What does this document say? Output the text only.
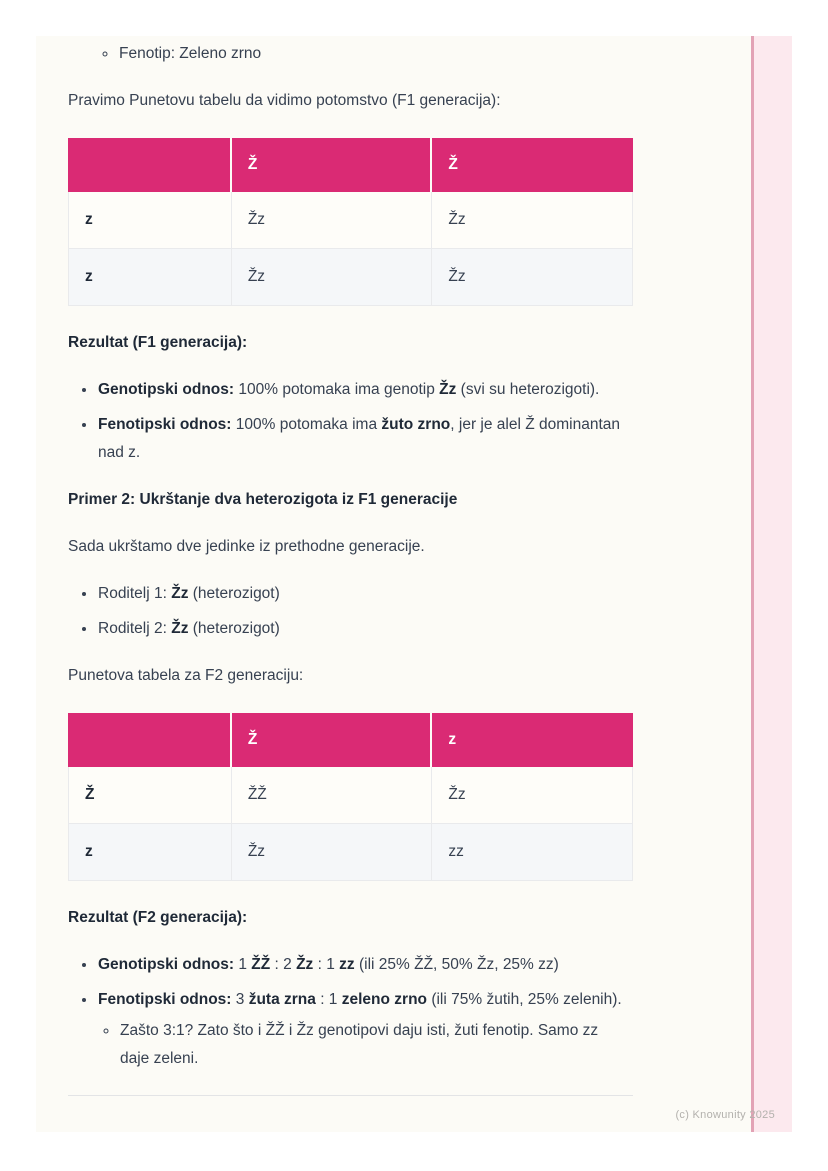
◦ Fenotip: Zeleno zrno

Pravimo Punetovu tabelu da vidimo potomstvo (F1 generacija):

	Ž	Ž
z	Žz	Žz
z	Žz	Žz

Rezultat (F1 generacija):

• Genotipski odnos: 100% potomaka ima genotip Žz (svi su heterozigoti).
• Fenotipski odnos: 100% potomaka ima žuto zrno, jer je alel Ž dominantan nad z.

Primer 2: Ukrštanje dva heterozigota iz F1 generacije

Sada ukrštamo dve jedinke iz prethodne generacije.

• Roditelj 1: Žz (heterozigot)
• Roditelj 2: Žz (heterozigot)

Punetova tabela za F2 generaciju:

	Ž	z
Ž	ŽŽ	Žz
z	Žz	zz

Rezultat (F2 generacija):

• Genotipski odnos: 1 ŽŽ : 2 Žz : 1 zz (ili 25% ŽŽ, 50% Žz, 25% zz)
• Fenotipski odnos: 3 žuta zrna : 1 zeleno zrno (ili 75% žutih, 25% zelenih).
◦ Zašto 3:1? Zato što i ŽŽ i Žz genotipovi daju isti, žuti fenotip. Samo zz daje zeleni.
(c) Knowunity 2025
